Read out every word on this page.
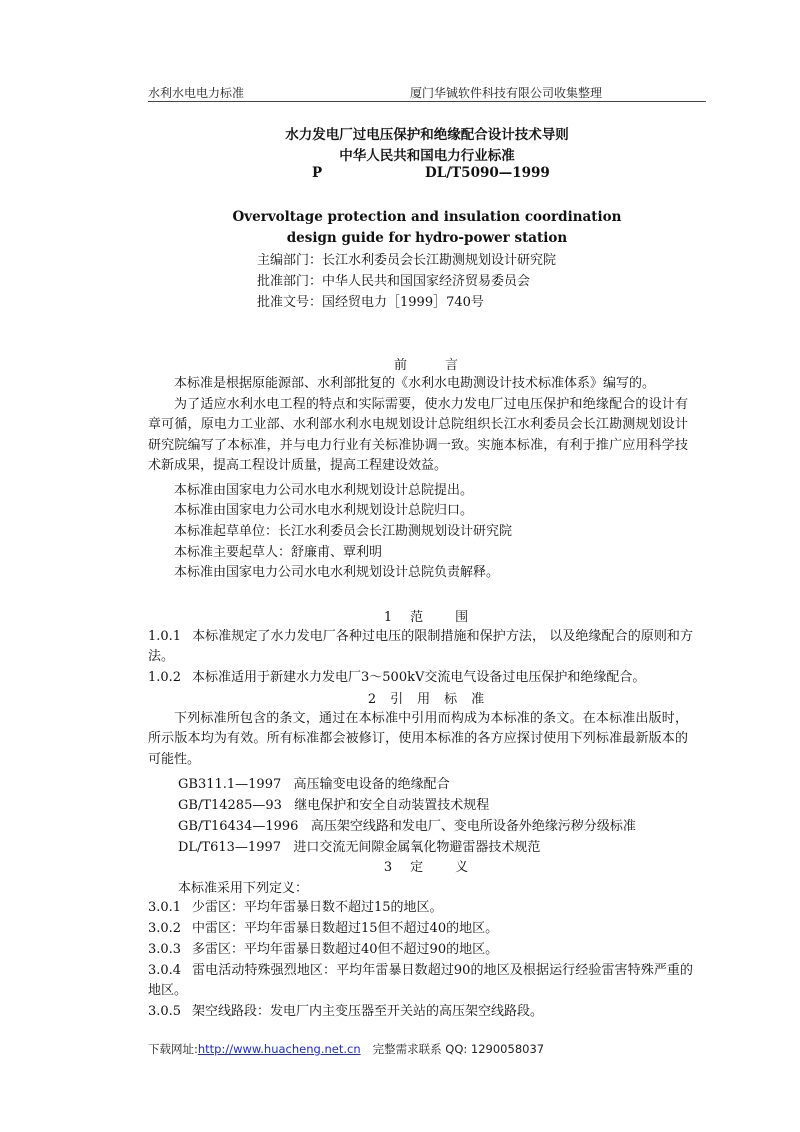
水利水电电力标准	厦门华铖软件科技有限公司收集整理
水力发电厂过电压保护和绝缘配合设计技术导则
中华人民共和国电力行业标准
P	DL/T5090—1999
Overvoltage protection and insulation coordination
design guide for hydro-power station
主编部门：长江水利委员会长江勘测规划设计研究院
批准部门：中华人民共和国国家经济贸易委员会
批准文号：国经贸电力［1999］740号
前	言

本标准是根据原能源部、水利部批复的《水利水电勘测设计技术标准体系》编写的。

为了适应水利水电工程的特点和实际需要，使水力发电厂过电压保护和绝缘配合的设计有章可循，原电力工业部、水利部水利水电规划设计总院组织长江水利委员会长江勘测规划设计研究院编写了本标准，并与电力行业有关标准协调一致。实施本标准，有利于推广应用科学技术新成果，提高工程设计质量，提高工程建设效益。

本标准由国家电力公司水电水利规划设计总院提出。

本标准由国家电力公司水电水利规划设计总院归口。

本标准起草单位：长江水利委员会长江勘测规划设计研究院

本标准主要起草人：舒廉甫、覃利明

本标准由国家电力公司水电水利规划设计总院负责解释。

1 范 围

1.0.1 本标准规定了水力发电厂各种过电压的限制措施和保护方法， 以及绝缘配合的原则和方法。

1.0.2 本标准适用于新建水力发电厂3～500kV交流电气设备过电压保护和绝缘配合。

2 引 用 标 准

下列标准所包含的条文，通过在本标准中引用而构成为本标准的条文。在本标准出版时，所示版本均为有效。所有标准都会被修订，使用本标准的各方应探讨使用下列标准最新版本的可能性。

GB311.1—1997 高压输变电设备的绝缘配合
GB/T14285—93 继电保护和安全自动装置技术规程
GB/T16434—1996 高压架空线路和发电厂、变电所设备外绝缘污秽分级标准
DL/T613—1997 进口交流无间隙金属氧化物避雷器技术规范
3 定 义
本标准采用下列定义：

3.0.1 少雷区：平均年雷暴日数不超过15的地区。

3.0.2 中雷区：平均年雷暴日数超过15但不超过40的地区。

3.0.3 多雷区：平均年雷暴日数超过40但不超过90的地区。

3.0.4 雷电活动特殊强烈地区：平均年雷暴日数超过90的地区及根据运行经验雷害特殊严重的地区。

3.0.5 架空线路段：发电厂内主变压器至开关站的高压架空线路段。

下载网址:http://www.huacheng.net.cn 完整需求联系 QQ: 1290058037
